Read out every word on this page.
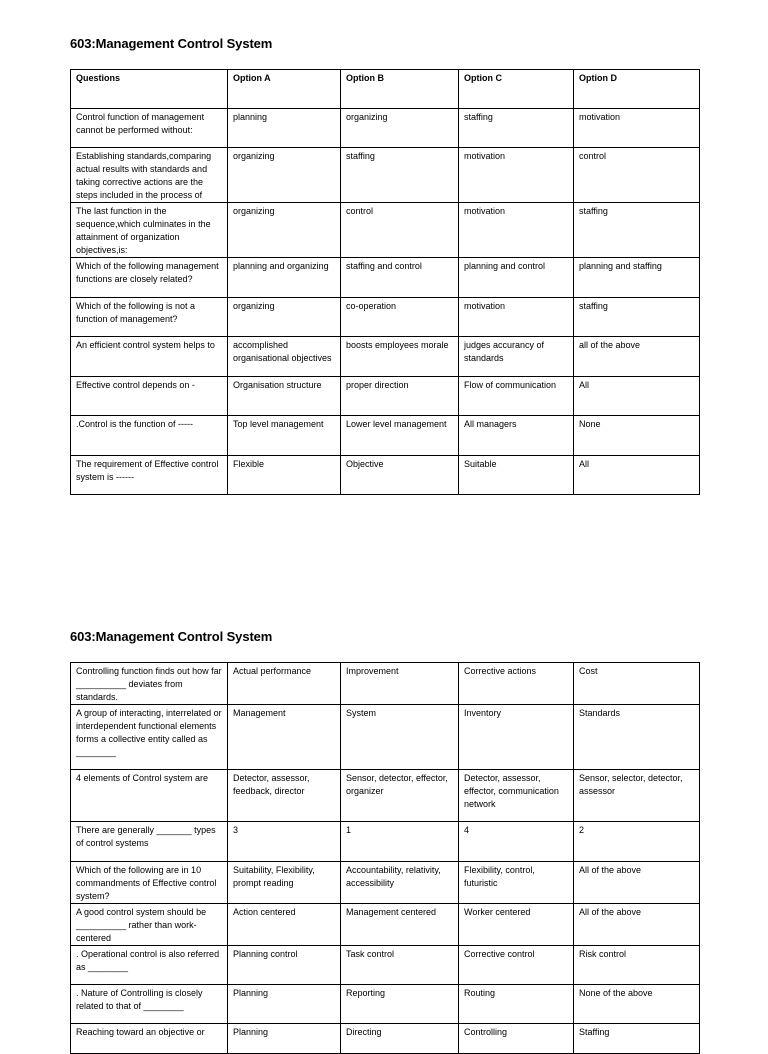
603:Management Control System
Questions	Option A	Option B	Option C	Option D
Control function of management cannot be performed without:	planning	organizing	staffing	motivation
Establishing standards,comparing actual results with standards and taking corrective actions are the steps included in the process of	organizing	staffing	motivation	control
The last function in the sequence,which culminates in the attainment of organization objectives,is:	organizing	control	motivation	staffing
Which of the following management functions are closely related?	planning and organizing	staffing and control	planning and control	planning and staffing
Which of the following is not a function of management?	organizing	co-operation	motivation	staffing
An efficient control system helps to	accomplished organisational objectives	boosts employees morale	judges accurancy of standards	all of the above
Effective control depends on -	Organisation structure	proper direction	Flow of communication	All
.Control is the function of -----	Top level management	Lower level management	All managers	None
The requirement of Effective control system is ------	Flexible	Objective	Suitable	All
603:Management Control System
Controlling function finds out how far __________ deviates from standards.	Actual performance	Improvement	Corrective actions	Cost
A group of interacting, interrelated or interdependent functional elements forms a collective entity called as ________	Management	System	Inventory	Standards
4 elements of Control system are	Detector, assessor, feedback, director	Sensor, detector, effector, organizer	Detector, assessor, effector, communication network	Sensor, selector, detector, assessor
There are generally _______ types of control systems	3	1	4	2
Which of the following are in 10 commandments of Effective control system?	Suitability, Flexibility, prompt reading	Accountability, relativity, accessibility	Flexibility, control, futuristic	All of the above
A good control system should be __________ rather than work-centered	Action centered	Management centered	Worker centered	All of the above
. Operational control is also referred as ________	Planning control	Task control	Corrective control	Risk control
. Nature of Controlling is closely related to that of ________	Planning	Reporting	Routing	None of the above
Reaching toward an objective or	Planning	Directing	Controlling	Staffing
